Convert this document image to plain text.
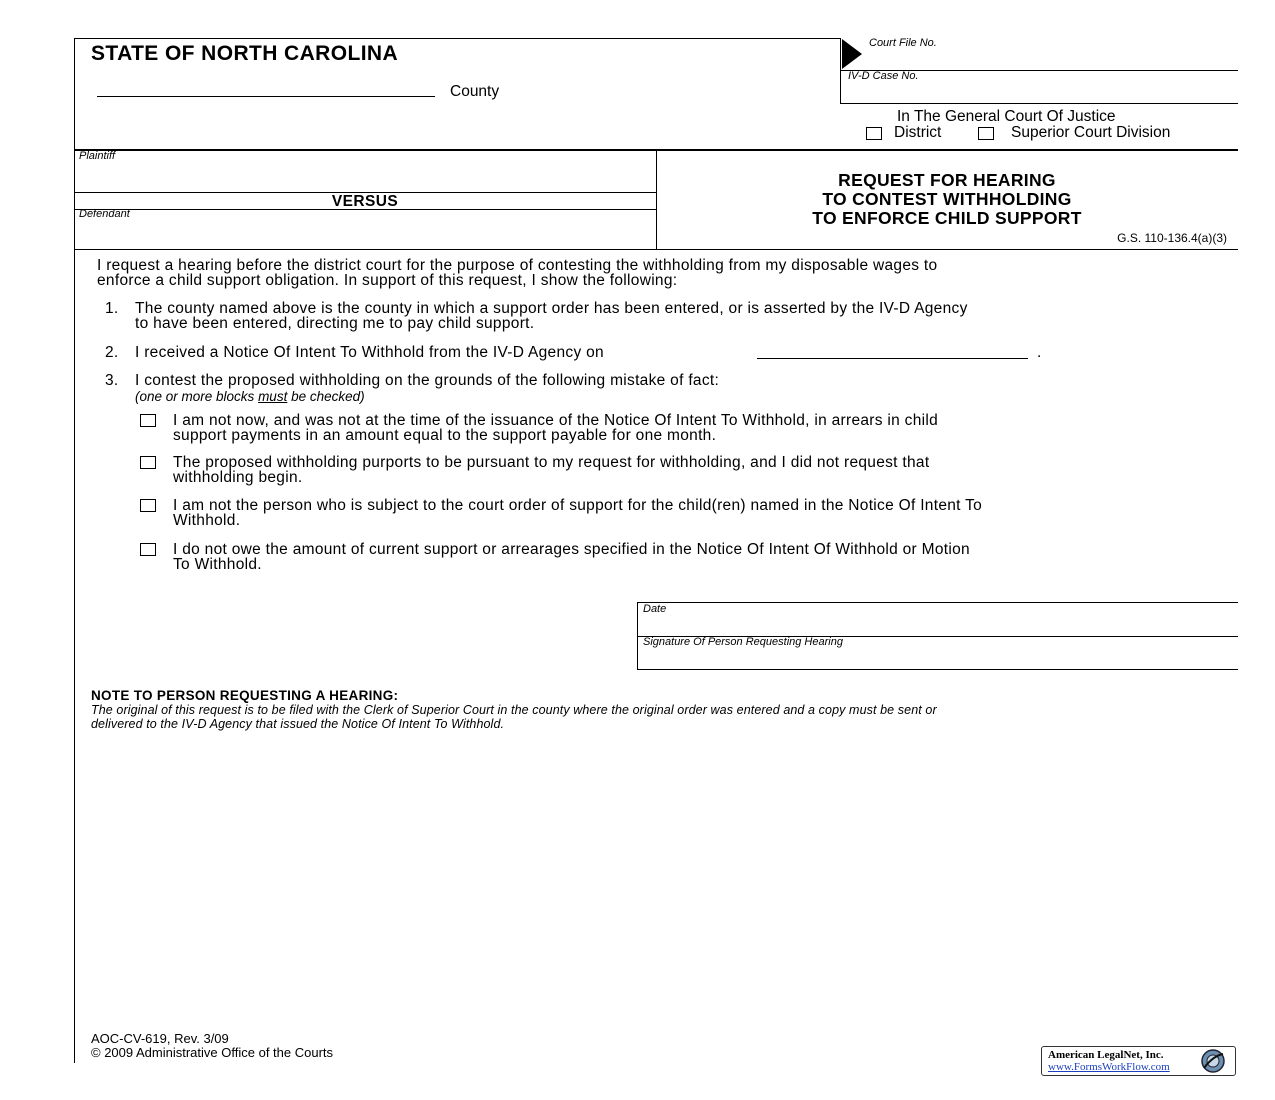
STATE OF NORTH CAROLINA
County
Court File No.
IV-D Case No.
In The General Court Of Justice
District	Superior Court Division
Plaintiff
VERSUS
Defendant
REQUEST FOR HEARING
TO CONTEST WITHHOLDING
TO ENFORCE CHILD SUPPORT
G.S. 110-136.4(a)(3)
I request a hearing before the district court for the purpose of contesting the withholding from my disposable wages to
enforce a child support obligation. In support of this request, I show the following:
1. The county named above is the county in which a support order has been entered, or is asserted by the IV-D Agency
to have been entered, directing me to pay child support.
2. I received a Notice Of Intent To Withhold from the IV-D Agency on	.
3. I contest the proposed withholding on the grounds of the following mistake of fact:
(one or more blocks must be checked)
I am not now, and was not at the time of the issuance of the Notice Of Intent To Withhold, in arrears in child
support payments in an amount equal to the support payable for one month.
The proposed withholding purports to be pursuant to my request for withholding, and I did not request that
withholding begin.
I am not the person who is subject to the court order of support for the child(ren) named in the Notice Of Intent To
Withhold.
I do not owe the amount of current support or arrearages specified in the Notice Of Intent Of Withhold or Motion
To Withhold.
Date
Signature Of Person Requesting Hearing
NOTE TO PERSON REQUESTING A HEARING:
The original of this request is to be filed with the Clerk of Superior Court in the county where the original order was entered and a copy must be sent or
delivered to the IV-D Agency that issued the Notice Of Intent To Withhold.
AOC-CV-619, Rev. 3/09
© 2009 Administrative Office of the Courts	American LegalNet, Inc.
www.FormsWorkFlow.com
